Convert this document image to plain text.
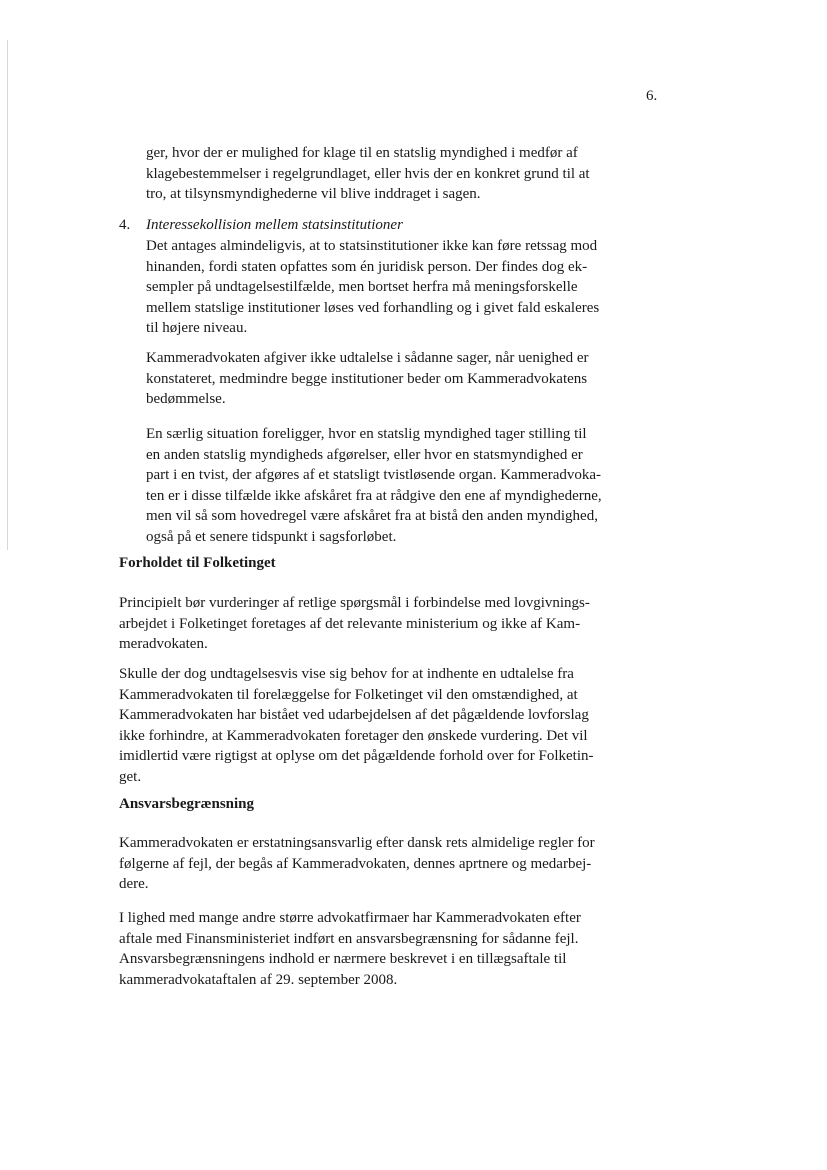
6.
ger, hvor der er mulighed for klage til en statslig myndighed i medfør af
klagebestemmelser i regelgrundlaget, eller hvis der en konkret grund til at
tro, at tilsynsmyndighederne vil blive inddraget i sagen.
4. Interessekollision mellem statsinstitutioner
Det antages almindeligvis, at to statsinstitutioner ikke kan føre retssag mod
hinanden, fordi staten opfattes som én juridisk person. Der findes dog ek-
sempler på undtagelsestilfælde, men bortset herfra må meningsforskelle
mellem statslige institutioner løses ved forhandling og i givet fald eskaleres
til højere niveau.
Kammeradvokaten afgiver ikke udtalelse i sådanne sager, når uenighed er
konstateret, medmindre begge institutioner beder om Kammeradvokatens
bedømmelse.
En særlig situation foreligger, hvor en statslig myndighed tager stilling til
en anden statslig myndigheds afgørelser, eller hvor en statsmyndighed er
part i en tvist, der afgøres af et statsligt tvistløsende organ. Kammeradvoka-
ten er i disse tilfælde ikke afskåret fra at rådgive den ene af myndighederne,
men vil så som hovedregel være afskåret fra at bistå den anden myndighed,
også på et senere tidspunkt i sagsforløbet.
Forholdet til Folketinget
Principielt bør vurderinger af retlige spørgsmål i forbindelse med lovgivnings-
arbejdet i Folketinget foretages af det relevante ministerium og ikke af Kam-
meradvokaten.
Skulle der dog undtagelsesvis vise sig behov for at indhente en udtalelse fra
Kammeradvokaten til forelæggelse for Folketinget vil den omstændighed, at
Kammeradvokaten har bistået ved udarbejdelsen af det pågældende lovforslag
ikke forhindre, at Kammeradvokaten foretager den ønskede vurdering. Det vil
imidlertid være rigtigst at oplyse om det pågældende forhold over for Folketin-
get.
Ansvarsbegrænsning
Kammeradvokaten er erstatningsansvarlig efter dansk rets almidelige regler for
følgerne af fejl, der begås af Kammeradvokaten, dennes aprtnere og medarbej-
dere.
I lighed med mange andre større advokatfirmaer har Kammeradvokaten efter
aftale med Finansministeriet indført en ansvarsbegrænsning for sådanne fejl.
Ansvarsbegrænsningens indhold er nærmere beskrevet i en tillægsaftale til
kammeradvokataftalen af 29. september 2008.
